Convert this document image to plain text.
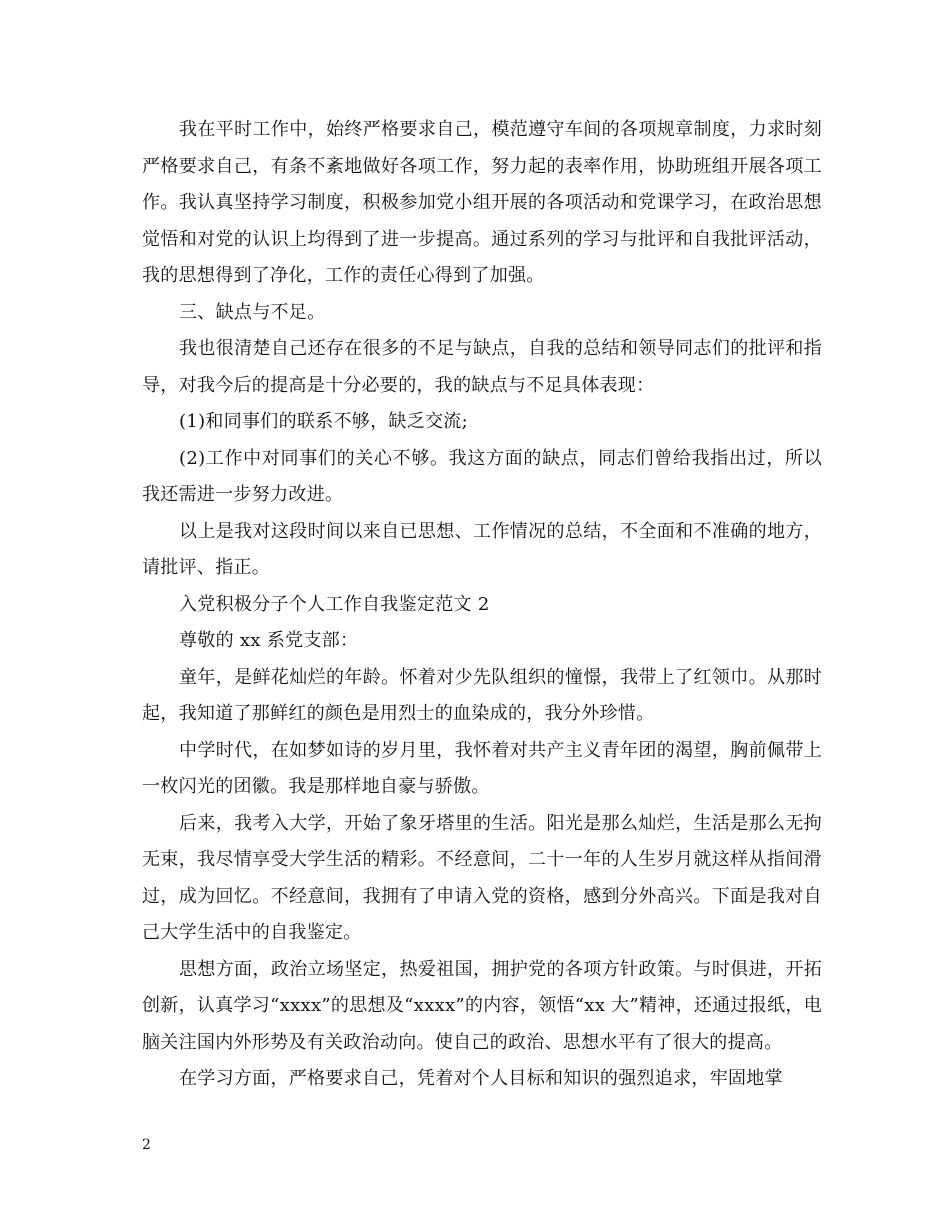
我在平时工作中，始终严格要求自己，模范遵守车间的各项规章制度，力求时刻严格要求自己，有条不紊地做好各项工作，努力起的表率作用，协助班组开展各项工作。我认真坚持学习制度，积极参加党小组开展的各项活动和党课学习，在政治思想觉悟和对党的认识上均得到了进一步提高。通过系列的学习与批评和自我批评活动，我的思想得到了净化，工作的责任心得到了加强。

三、缺点与不足。

我也很清楚自己还存在很多的不足与缺点，自我的总结和领导同志们的批评和指导，对我今后的提高是十分必要的，我的缺点与不足具体表现：

(1)和同事们的联系不够，缺乏交流;

(2)工作中对同事们的关心不够。我这方面的缺点，同志们曾给我指出过，所以我还需进一步努力改进。

以上是我对这段时间以来自已思想、工作情况的总结，不全面和不准确的地方，请批评、指正。

入党积极分子个人工作自我鉴定范文 2

尊敬的 xx 系党支部：

童年，是鲜花灿烂的年龄。怀着对少先队组织的憧憬，我带上了红领巾。从那时起，我知道了那鲜红的颜色是用烈士的血染成的，我分外珍惜。

中学时代，在如梦如诗的岁月里，我怀着对共产主义青年团的渴望，胸前佩带上一枚闪光的团徽。我是那样地自豪与骄傲。

后来，我考入大学，开始了象牙塔里的生活。阳光是那么灿烂，生活是那么无拘无束，我尽情享受大学生活的精彩。不经意间，二十一年的人生岁月就这样从指间滑过，成为回忆。不经意间，我拥有了申请入党的资格，感到分外高兴。下面是我对自己大学生活中的自我鉴定。

思想方面，政治立场坚定，热爱祖国，拥护党的各项方针政策。与时俱进，开拓创新，认真学习“xxxx”的思想及“xxxx”的内容，领悟“xx 大”精神，还通过报纸，电脑关注国内外形势及有关政治动向。使自己的政治、思想水平有了很大的提高。

在学习方面，严格要求自己，凭着对个人目标和知识的强烈追求，牢固地掌

2
